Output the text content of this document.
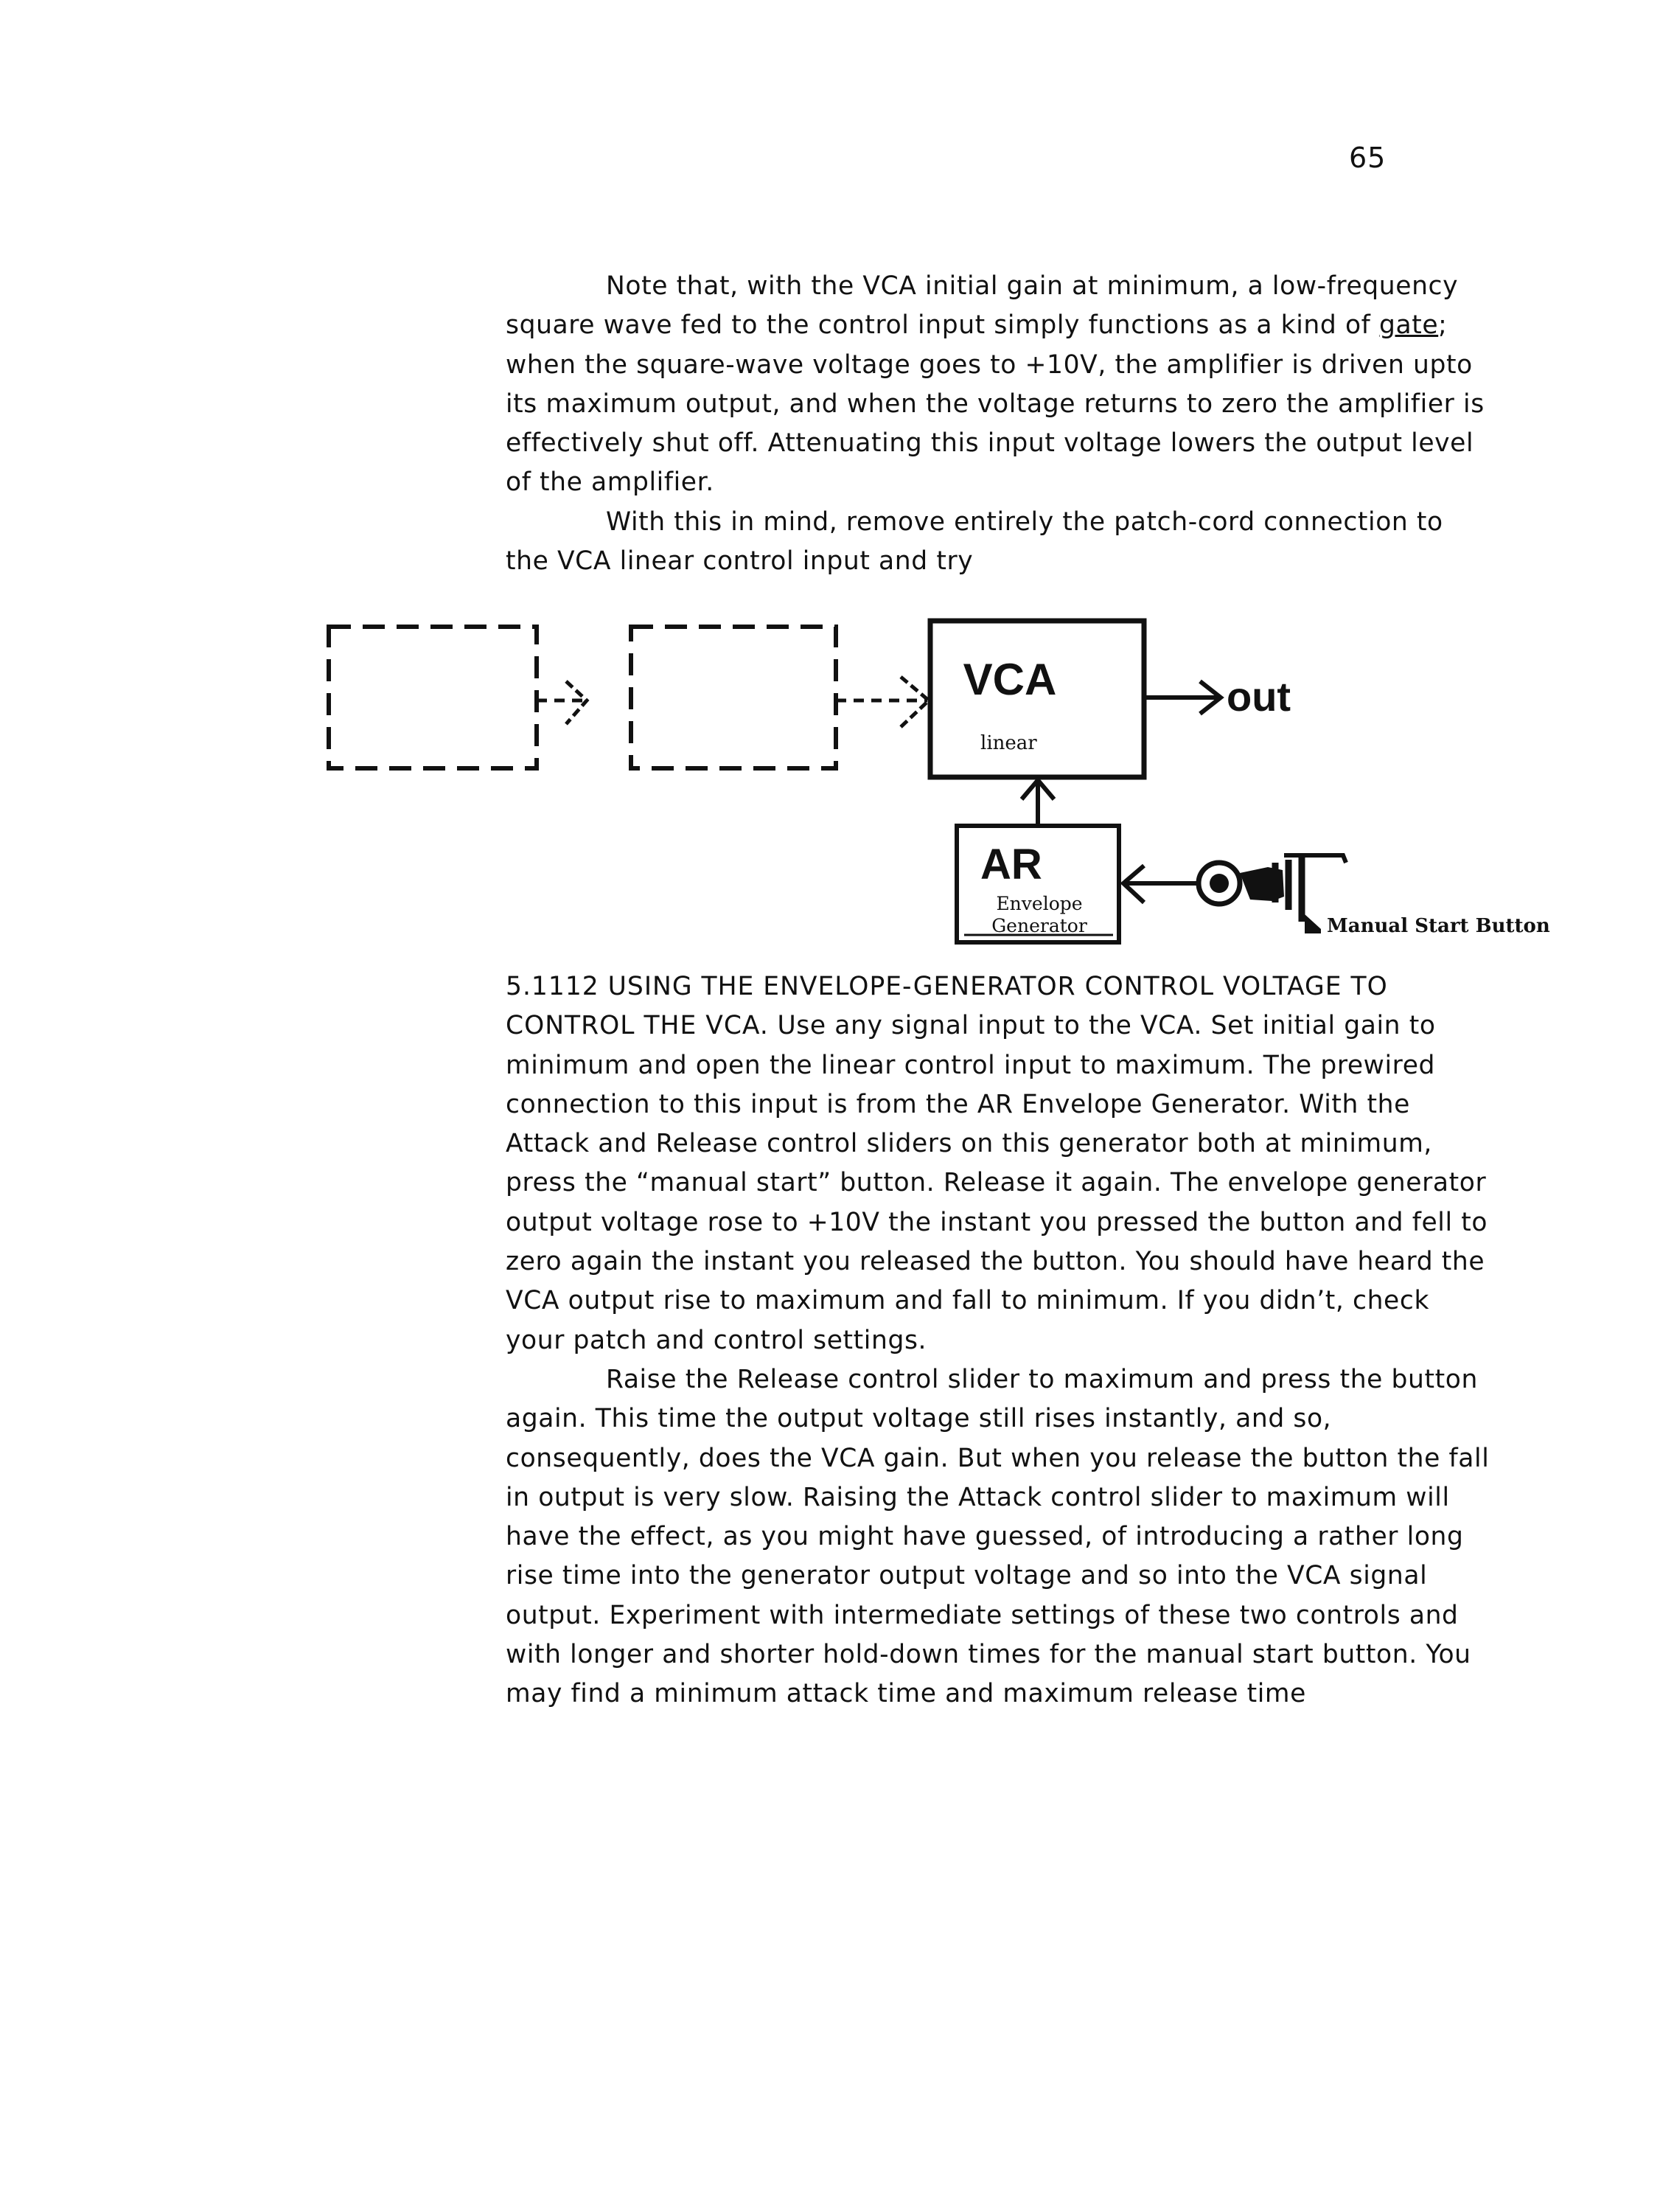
65

Note that, with the VCA initial gain at minimum, a low-frequency square wave fed to the control input simply functions as a kind of gate; when the square-wave voltage goes to +10V, the amplifier is driven upto its maximum output, and when the voltage returns to zero the amplifier is effectively shut off. Attenuating this input voltage lowers the output level of the amplifier.

With this in mind, remove entirely the patch-cord connection to the VCA linear control input and try

VCA
linear
out
AR
Envelope
Generator	Manual Start Button

5.1112 USING THE ENVELOPE-GENERATOR CONTROL VOLTAGE TO CONTROL THE VCA. Use any signal input to the VCA. Set initial gain to minimum and open the linear control input to maximum. The prewired connection to this input is from the AR Envelope Generator. With the Attack and Release control sliders on this generator both at minimum, press the “manual start” button. Release it again. The envelope generator output voltage rose to +10V the instant you pressed the button and fell to zero again the instant you released the button. You should have heard the VCA output rise to maximum and fall to minimum. If you didn’t, check your patch and control settings.

Raise the Release control slider to maximum and press the button again. This time the output voltage still rises instantly, and so, consequently, does the VCA gain. But when you release the button the fall in output is very slow. Raising the Attack control slider to maximum will have the effect, as you might have guessed, of introducing a rather long rise time into the generator output voltage and so into the VCA signal output. Experiment with intermediate settings of these two controls and with longer and shorter hold-down times for the manual start button. You may find a minimum attack time and maximum release time
